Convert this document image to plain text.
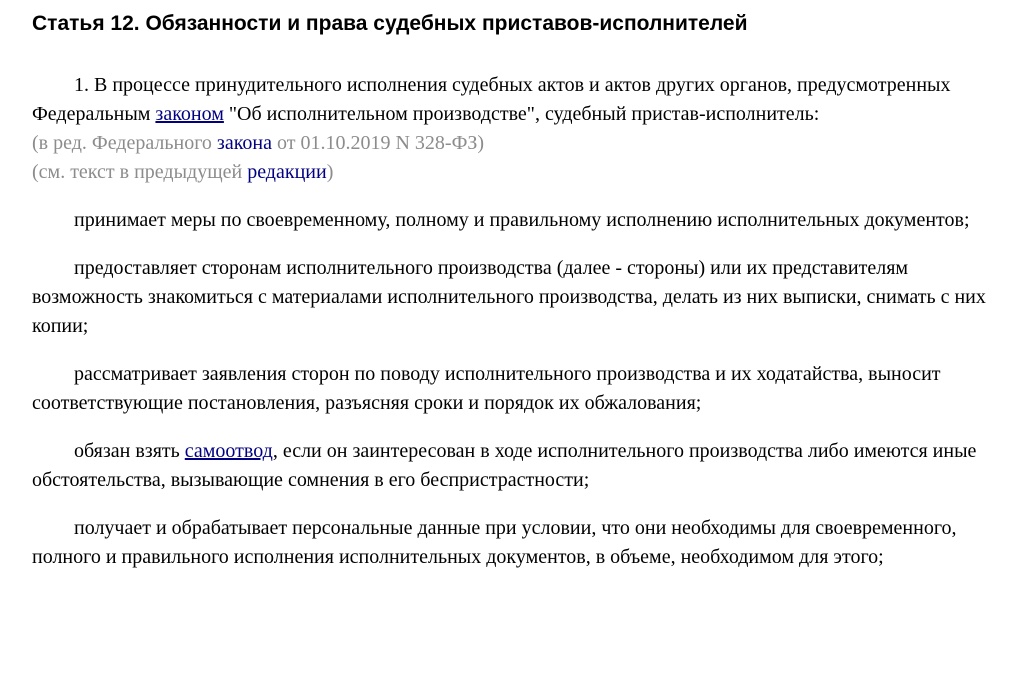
Статья 12. Обязанности и права судебных приставов-исполнителей

1. В процессе принудительного исполнения судебных актов и актов других органов, предусмотренных Федеральным законом "Об исполнительном производстве", судебный пристав-исполнитель:

(в ред. Федерального закона от 01.10.2019 N 328-ФЗ)
(см. текст в предыдущей редакции)

принимает меры по своевременному, полному и правильному исполнению исполнительных документов;

предоставляет сторонам исполнительного производства (далее - стороны) или их представителям возможность знакомиться с материалами исполнительного производства, делать из них выписки, снимать с них копии;

рассматривает заявления сторон по поводу исполнительного производства и их ходатайства, выносит соответствующие постановления, разъясняя сроки и порядок их обжалования;

обязан взять самоотвод, если он заинтересован в ходе исполнительного производства либо имеются иные обстоятельства, вызывающие сомнения в его беспристрастности;

получает и обрабатывает персональные данные при условии, что они необходимы для своевременного, полного и правильного исполнения исполнительных документов, в объеме, необходимом для этого;
